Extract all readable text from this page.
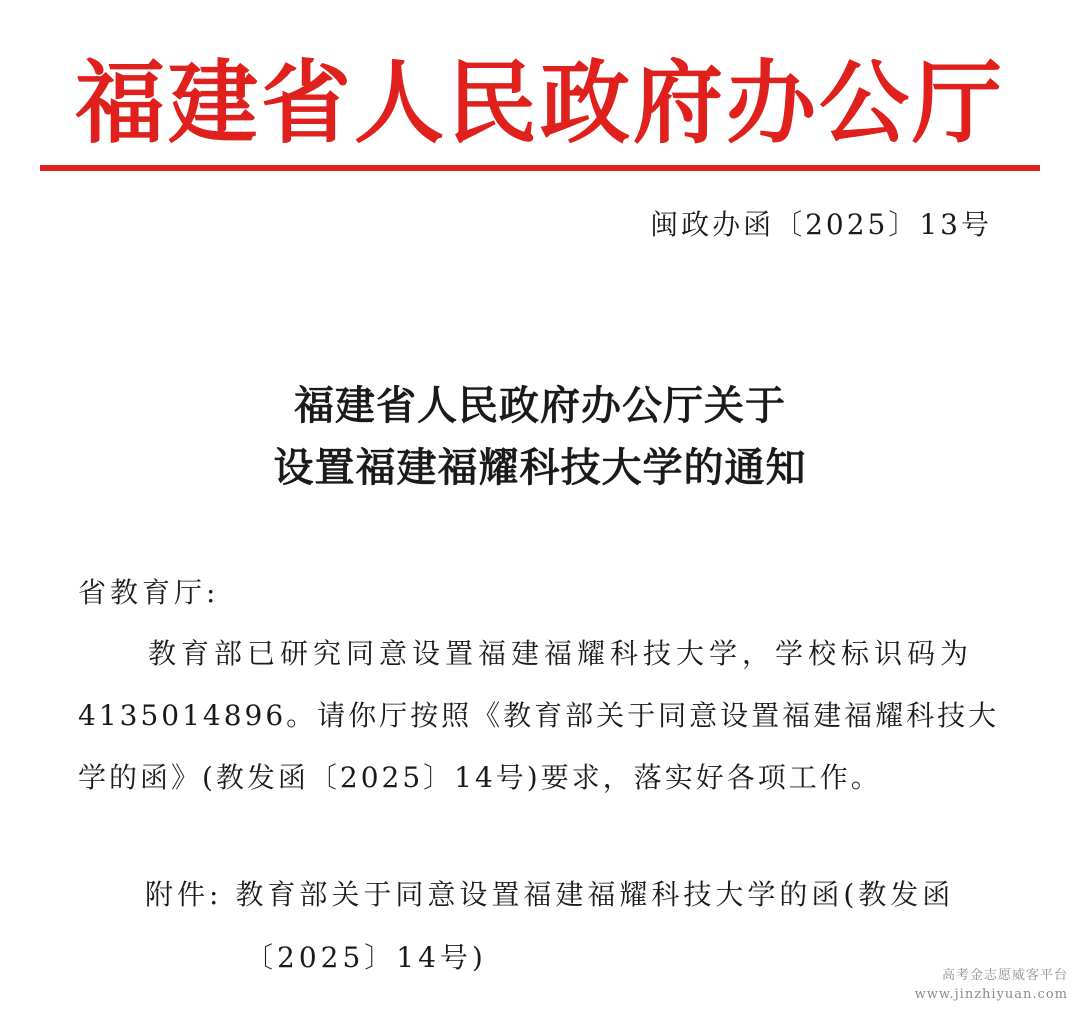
福建省人民政府办公厅
闽政办函〔2025〕13号
福建省人民政府办公厅关于
设置福建福耀科技大学的通知
省教育厅:
教育部已研究同意设置福建福耀科技大学，学校标识码为
4135014896。请你厅按照《教育部关于同意设置福建福耀科技大
学的函》(教发函〔2025〕14号)要求，落实好各项工作。
附件: 教育部关于同意设置福建福耀科技大学的函(教发函
〔2025〕14号)
高考金志愿威客平台
www.jinzhiyuan.com
